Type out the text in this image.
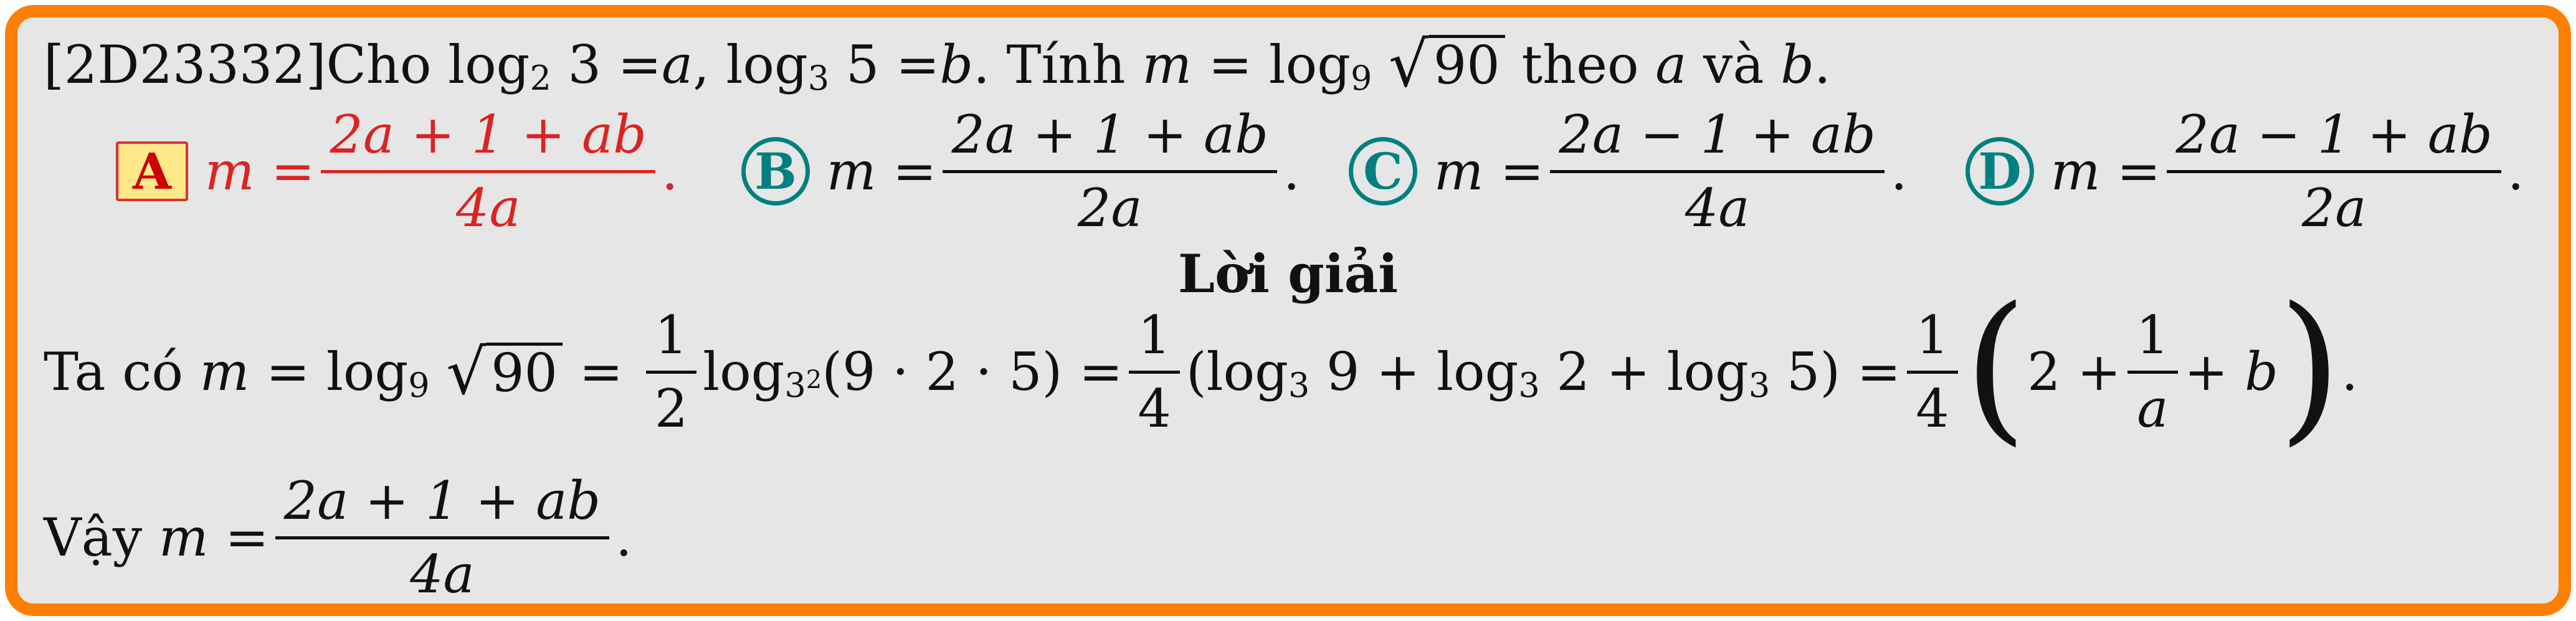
[2D23332] Cho
log 2
3 = a , log 3
5 = b . Tính
m = log 9
√ 90
theo
a
và
b .
A
m =
2a + 1 + ab
4a
. B
m =
2a + 1 + ab
2a
. C
m =
2a − 1 + ab
4a
. D
m =
2a − 1 + ab
2a
.
Lời giải
Ta có
m = log 9
√ 90 =
1
2
$\log 3^2$ (9 · 2 · 5) =
1
4
(log 3
9 + log 3
2 + log 3
5) =
1
4 ( 2 +
1
a
+ b ) .
Vậy
m
=
2a + 1 + ab
4a
.
